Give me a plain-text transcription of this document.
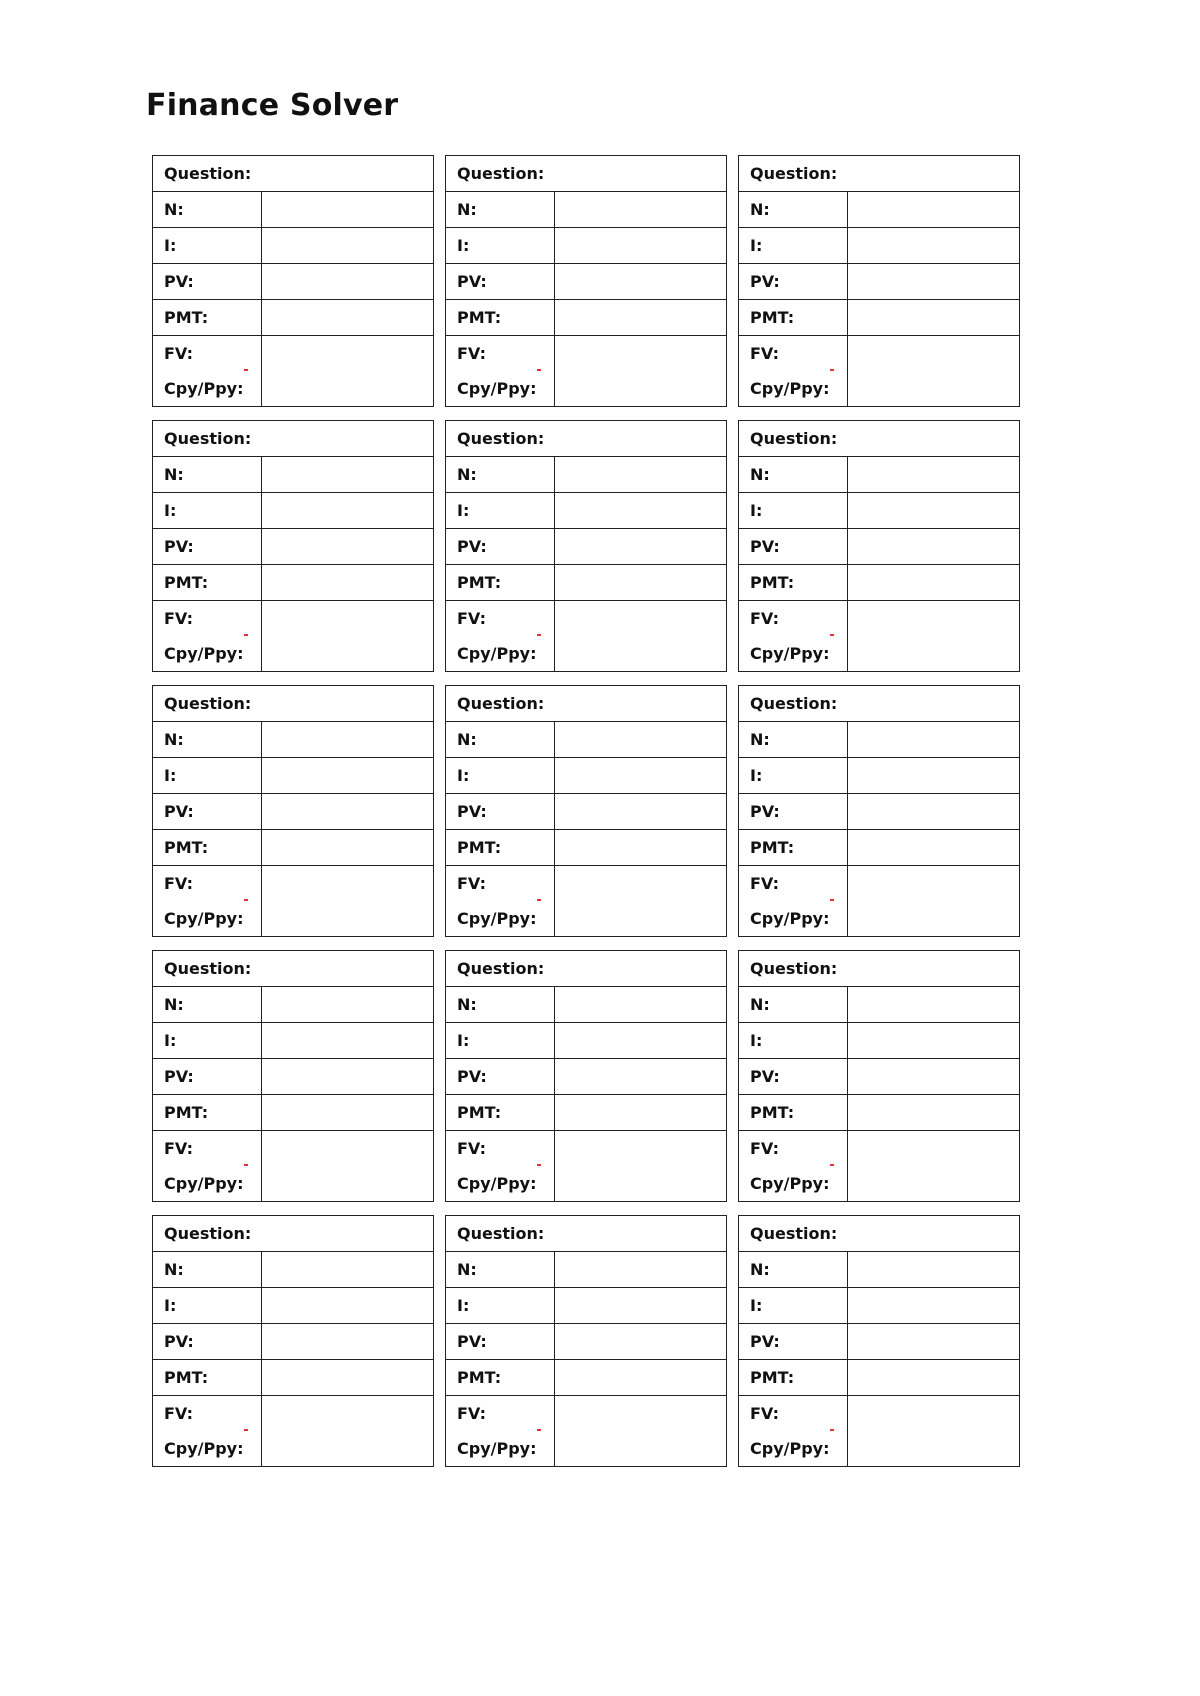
Finance Solver
Question:
N:
I:
PV:
PMT:
FV:
Cpy/Ppy:
Question:
N:
I:
PV:
PMT:
FV:
Cpy/Ppy:
Question:
N:
I:
PV:
PMT:
FV:
Cpy/Ppy:
Question:
N:
I:
PV:
PMT:
FV:
Cpy/Ppy:
Question:
N:
I:
PV:
PMT:
FV:
Cpy/Ppy:
Question:
N:
I:
PV:
PMT:
FV:
Cpy/Ppy:
Question:
N:
I:
PV:
PMT:
FV:
Cpy/Ppy:
Question:
N:
I:
PV:
PMT:
FV:
Cpy/Ppy:
Question:
N:
I:
PV:
PMT:
FV:
Cpy/Ppy:
Question:
N:
I:
PV:
PMT:
FV:
Cpy/Ppy:
Question:
N:
I:
PV:
PMT:
FV:
Cpy/Ppy:
Question:
N:
I:
PV:
PMT:
FV:
Cpy/Ppy:
Question:
N:
I:
PV:
PMT:
FV:
Cpy/Ppy:
Question:
N:
I:
PV:
PMT:
FV:
Cpy/Ppy:
Question:
N:
I:
PV:
PMT:
FV:
Cpy/Ppy:
